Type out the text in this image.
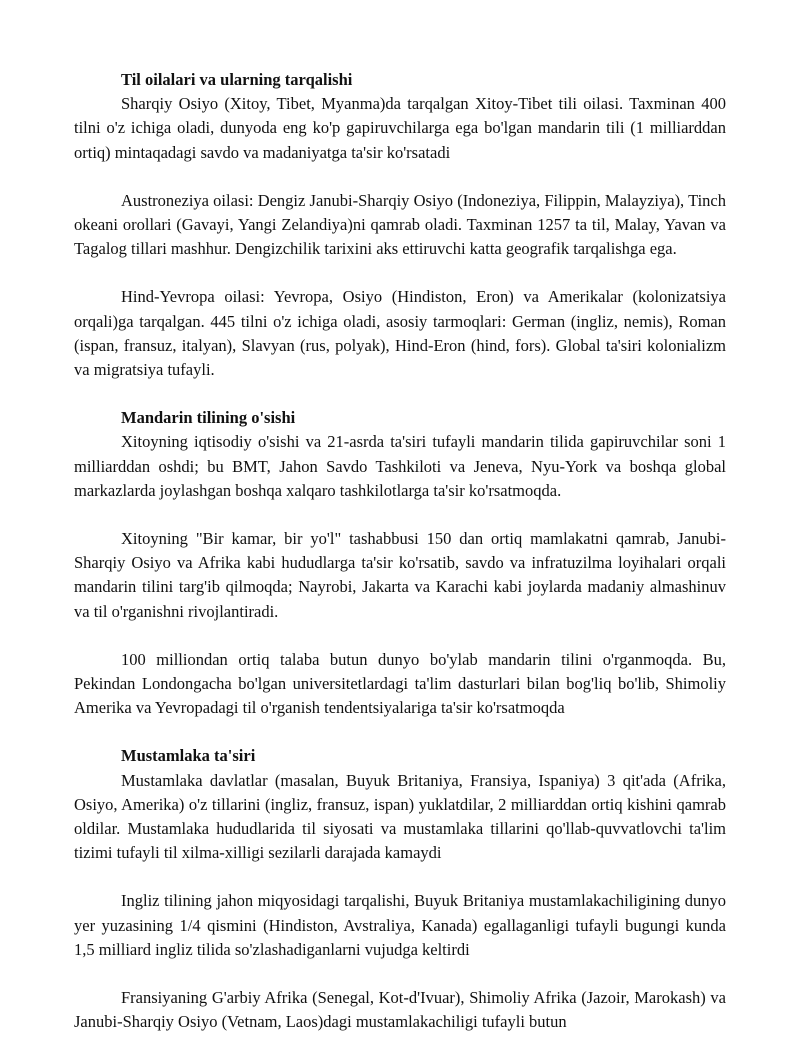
Til oilalari va ularning tarqalishi

Sharqiy Osiyo (Xitoy, Tibet, Myanma)da tarqalgan Xitoy-Tibet tili oilasi. Taxminan 400 tilni o'z ichiga oladi, dunyoda eng ko'p gapiruvchilarga ega bo'lgan mandarin tili (1 milliarddan ortiq) mintaqadagi savdo va madaniyatga ta'sir ko'rsatadi

Austroneziya oilasi: Dengiz Janubi-Sharqiy Osiyo (Indoneziya, Filippin, Malayziya), Tinch okeani orollari (Gavayi, Yangi Zelandiya)ni qamrab oladi. Taxminan 1257 ta til, Malay, Yavan va Tagalog tillari mashhur. Dengizchilik tarixini aks ettiruvchi katta geografik tarqalishga ega.

Hind-Yevropa oilasi: Yevropa, Osiyo (Hindiston, Eron) va Amerikalar (kolonizatsiya orqali)ga tarqalgan. 445 tilni o'z ichiga oladi, asosiy tarmoqlari: German (ingliz, nemis), Roman (ispan, fransuz, italyan), Slavyan (rus, polyak), Hind-Eron (hind, fors). Global ta'siri kolonializm va migratsiya tufayli.

Mandarin tilining o'sishi

Xitoyning iqtisodiy o'sishi va 21-asrda ta'siri tufayli mandarin tilida gapiruvchilar soni 1 milliarddan oshdi; bu BMT, Jahon Savdo Tashkiloti va Jeneva, Nyu-York va boshqa global markazlarda joylashgan boshqa xalqaro tashkilotlarga ta'sir ko'rsatmoqda.

Xitoyning "Bir kamar, bir yo'l" tashabbusi 150 dan ortiq mamlakatni qamrab, Janubi-Sharqiy Osiyo va Afrika kabi hududlarga ta'sir ko'rsatib, savdo va infratuzilma loyihalari orqali mandarin tilini targ'ib qilmoqda; Nayrobi, Jakarta va Karachi kabi joylarda madaniy almashinuv va til o'rganishni rivojlantiradi.

100 milliondan ortiq talaba butun dunyo bo'ylab mandarin tilini o'rganmoqda. Bu, Pekindan Londongacha bo'lgan universitetlardagi ta'lim dasturlari bilan bog'liq bo'lib, Shimoliy Amerika va Yevropadagi til o'rganish tendentsiyalariga ta'sir ko'rsatmoqda

Mustamlaka ta'siri

Mustamlaka davlatlar (masalan, Buyuk Britaniya, Fransiya, Ispaniya) 3 qit'ada (Afrika, Osiyo, Amerika) o'z tillarini (ingliz, fransuz, ispan) yuklatdilar, 2 milliarddan ortiq kishini qamrab oldilar. Mustamlaka hududlarida til siyosati va mustamlaka tillarini qo'llab-quvvatlovchi ta'lim tizimi tufayli til xilma-xilligi sezilarli darajada kamaydi

Ingliz tilining jahon miqyosidagi tarqalishi, Buyuk Britaniya mustamlakachiligining dunyo yer yuzasining 1/4 qismini (Hindiston, Avstraliya, Kanada) egallaganligi tufayli bugungi kunda 1,5 milliard ingliz tilida so'zlashadiganlarni vujudga keltirdi

Fransiyaning G'arbiy Afrika (Senegal, Kot-d'Ivuar), Shimoliy Afrika (Jazoir, Marokash) va Janubi-Sharqiy Osiyo (Vetnam, Laos)dagi mustamlakachiligi tufayli butun
